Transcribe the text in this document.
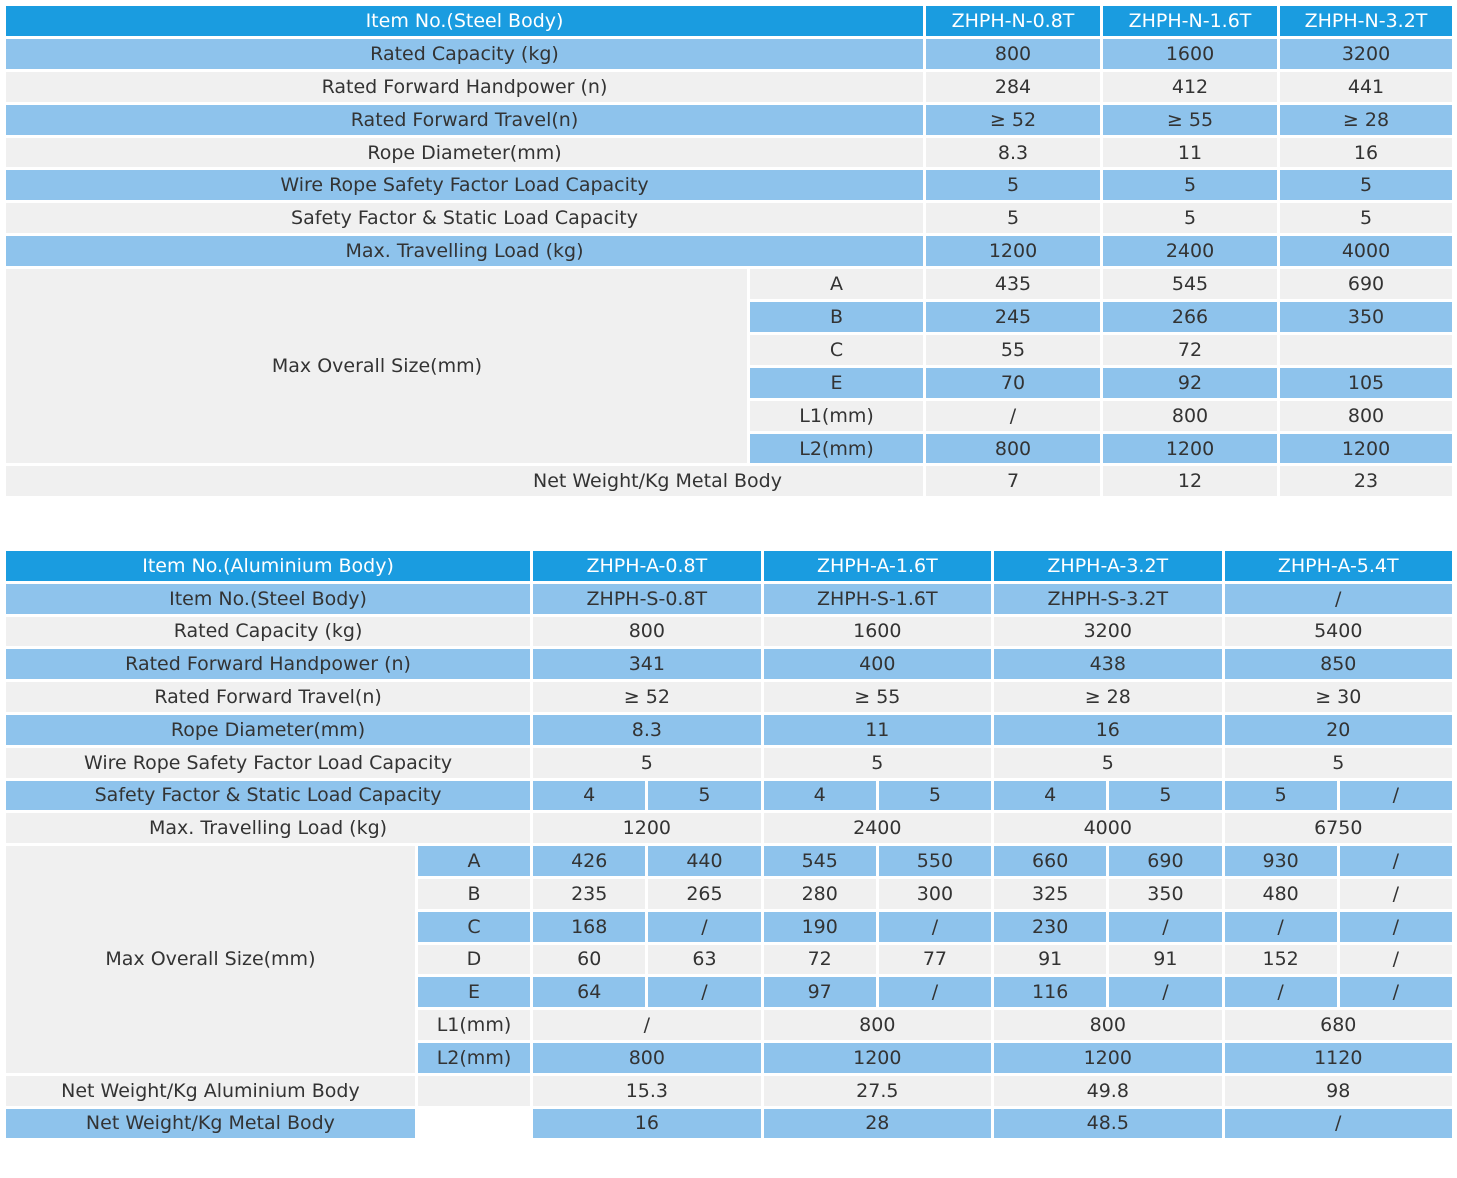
Item No.(Steel Body)		ZHPH-N-0.8T	ZHPH-N-1.6T	ZHPH-N-3.2T
Rated Capacity (kg)		800	1600	3200
Rated Forward Handpower (n)		284	412	441
Rated Forward Travel(n)		≥ 52	≥ 55	≥ 28
Rope Diameter(mm)		8.3	11	16
Wire Rope Safety Factor Load Capacity		5	5	5
Safety Factor & Static Load Capacity		5	5	5
Max. Travelling Load (kg)		1200	2400	4000
Max Overall Size(mm)	A	435	545	690
	B	245	266	350
	C	55	72	
	E	70	92	105
	L1(mm)	/	800	800
	L2(mm)	800	1200	1200
Net Weight/Kg Metal Body		7	12	23
Item No.(Aluminium Body)		ZHPH-A-0.8T		ZHPH-A-1.6T		ZHPH-A-3.2T		ZHPH-A-5.4T	
Item No.(Steel Body)		ZHPH-S-0.8T		ZHPH-S-1.6T		ZHPH-S-3.2T		/	
Rated Capacity (kg)		800		1600		3200		5400	
Rated Forward Handpower (n)		341		400		438		850	
Rated Forward Travel(n)		≥ 52		≥ 55		≥ 28		≥ 30	
Rope Diameter(mm)		8.3		11		16		20	
Wire Rope Safety Factor Load Capacity		5		5		5		5	
Safety Factor & Static Load Capacity		4	5	4	5	4	5	5	/
Max. Travelling Load (kg)		1200		2400		4000		6750	
Max Overall Size(mm)	A	426	440	545	550	660	690	930	/
	B	235	265	280	300	325	350	480	/
	C	168	/	190	/	230	/	/	/
	D	60	63	72	77	91	91	152	/
	E	64	/	97	/	116	/	/	/
	L1(mm)	/		800		800		680	
	L2(mm)	800		1200		1200		1120	
Net Weight/Kg Aluminium Body		15.3		27.5		49.8		98	
Net Weight/Kg Metal Body		16		28		48.5		/	
